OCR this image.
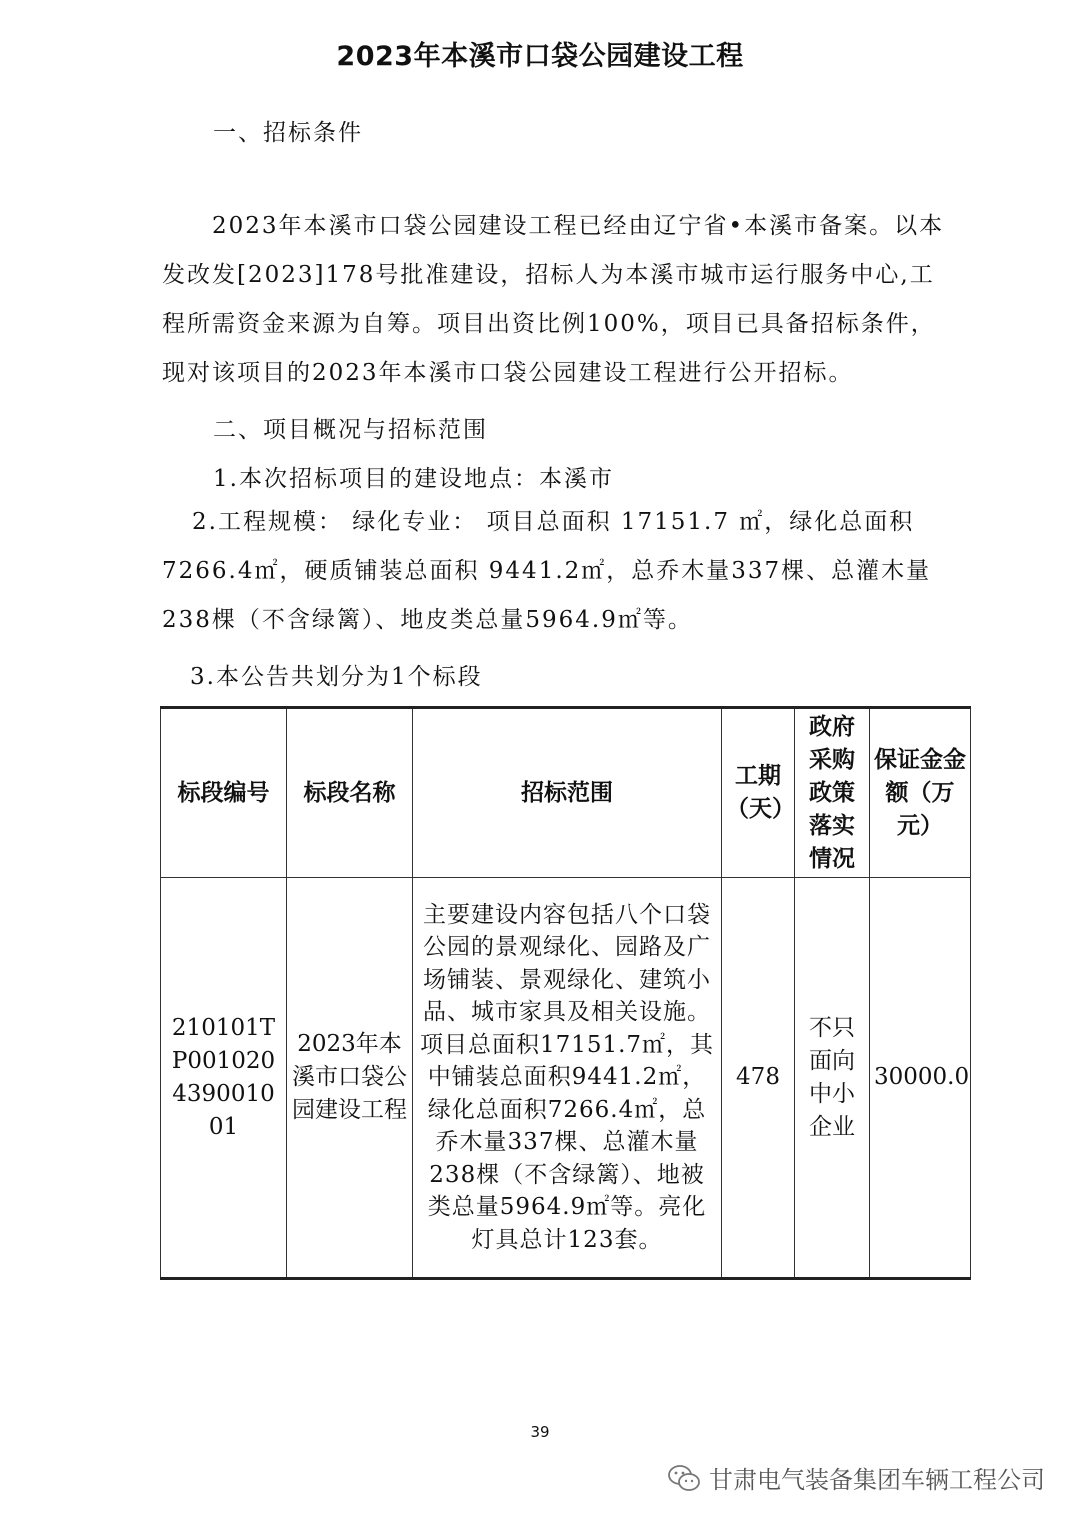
2023年本溪市口袋公园建设工程
一、招标条件
2023年本溪市口袋公园建设工程已经由辽宁省•本溪市备案。以本发改发[2023]178号批准建设，招标人为本溪市城市运行服务中心,工程所需资金来源为自筹。项目出资比例100%，项目已具备招标条件，现对该项目的2023年本溪市口袋公园建设工程进行公开招标。
二、项目概况与招标范围
1.本次招标项目的建设地点：本溪市
2.工程规模： 绿化专业： 项目总面积 17151.7 ㎡，绿化总面积7266.4㎡，硬质铺装总面积 9441.2㎡，总乔木量337棵、总灌木量238棵（不含绿篱）、地皮类总量5964.9㎡等。
3.本公告共划分为1个标段
标段编号	标段名称	招标范围	工期（天）	政府采购政策落实情况	保证金金额（万元）
210101TP001020439001001	2023年本溪市口袋公园建设工程	主要建设内容包括八个口袋公园的景观绿化、园路及广场铺装、景观绿化、建筑小品、城市家具及相关设施。 项目总面积17151.7㎡，其中铺装总面积9441.2㎡，绿化总面积7266.4㎡，总乔木量337棵、总灌木量238棵（不含绿篱）、地被类总量5964.9㎡等。亮化灯具总计123套。	478	不只面向中小企业	30000.0
39
甘肃电气装备集团车辆工程公司
